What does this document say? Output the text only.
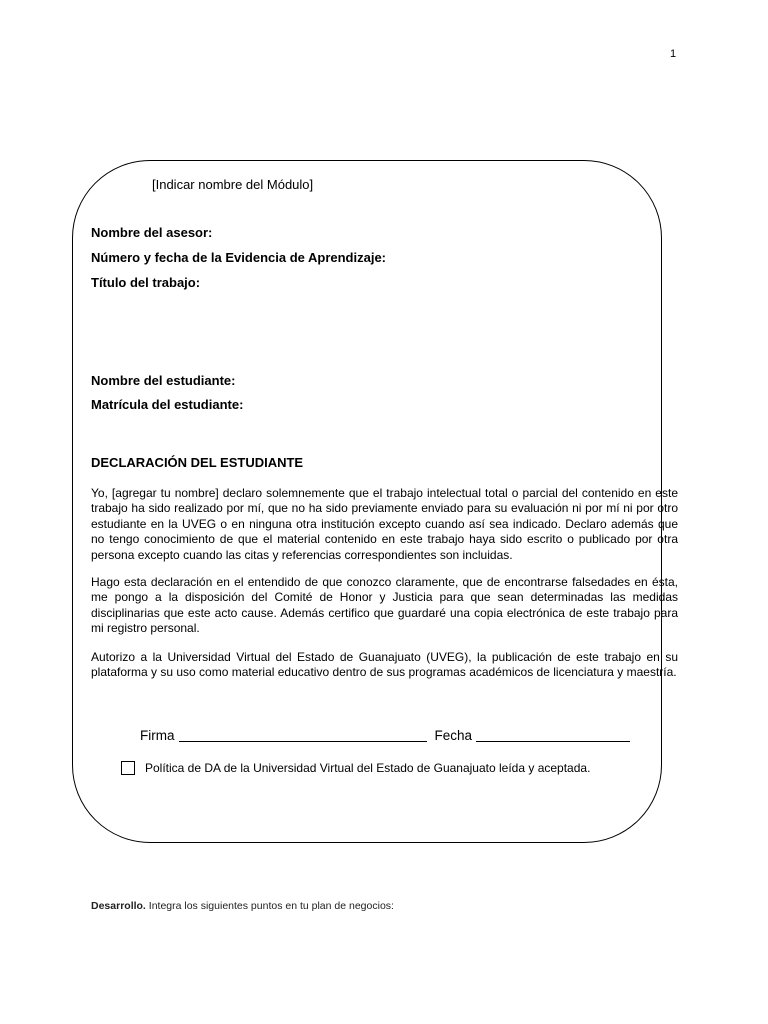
1
[Indicar nombre del Módulo]
Nombre del asesor:
Número y fecha de la Evidencia de Aprendizaje:
Título del trabajo:
Nombre del estudiante:
Matrícula del estudiante:
DECLARACIÓN DEL ESTUDIANTE
Yo, [agregar tu nombre] declaro solemnemente que el trabajo intelectual total o parcial del contenido en este trabajo ha sido realizado por mí, que no ha sido previamente enviado para su evaluación ni por mí ni por otro estudiante en la UVEG o en ninguna otra institución excepto cuando así sea indicado. Declaro además que no tengo conocimiento de que el material contenido en este trabajo haya sido escrito o publicado por otra persona excepto cuando las citas y referencias correspondientes son incluidas.
Hago esta declaración en el entendido de que conozco claramente, que de encontrarse falsedades en ésta, me pongo a la disposición del Comité de Honor y Justicia para que sean determinadas las medidas disciplinarias que este acto cause. Además certifico que guardaré una copia electrónica de este trabajo para mi registro personal.
Autorizo a la Universidad Virtual del Estado de Guanajuato (UVEG), la publicación de este trabajo en su plataforma y su uso como material educativo dentro de sus programas académicos de licenciatura y maestría.
Firma	Fecha
Política de DA de la Universidad Virtual del Estado de Guanajuato leída y aceptada.
Desarrollo. Integra los siguientes puntos en tu plan de negocios:
